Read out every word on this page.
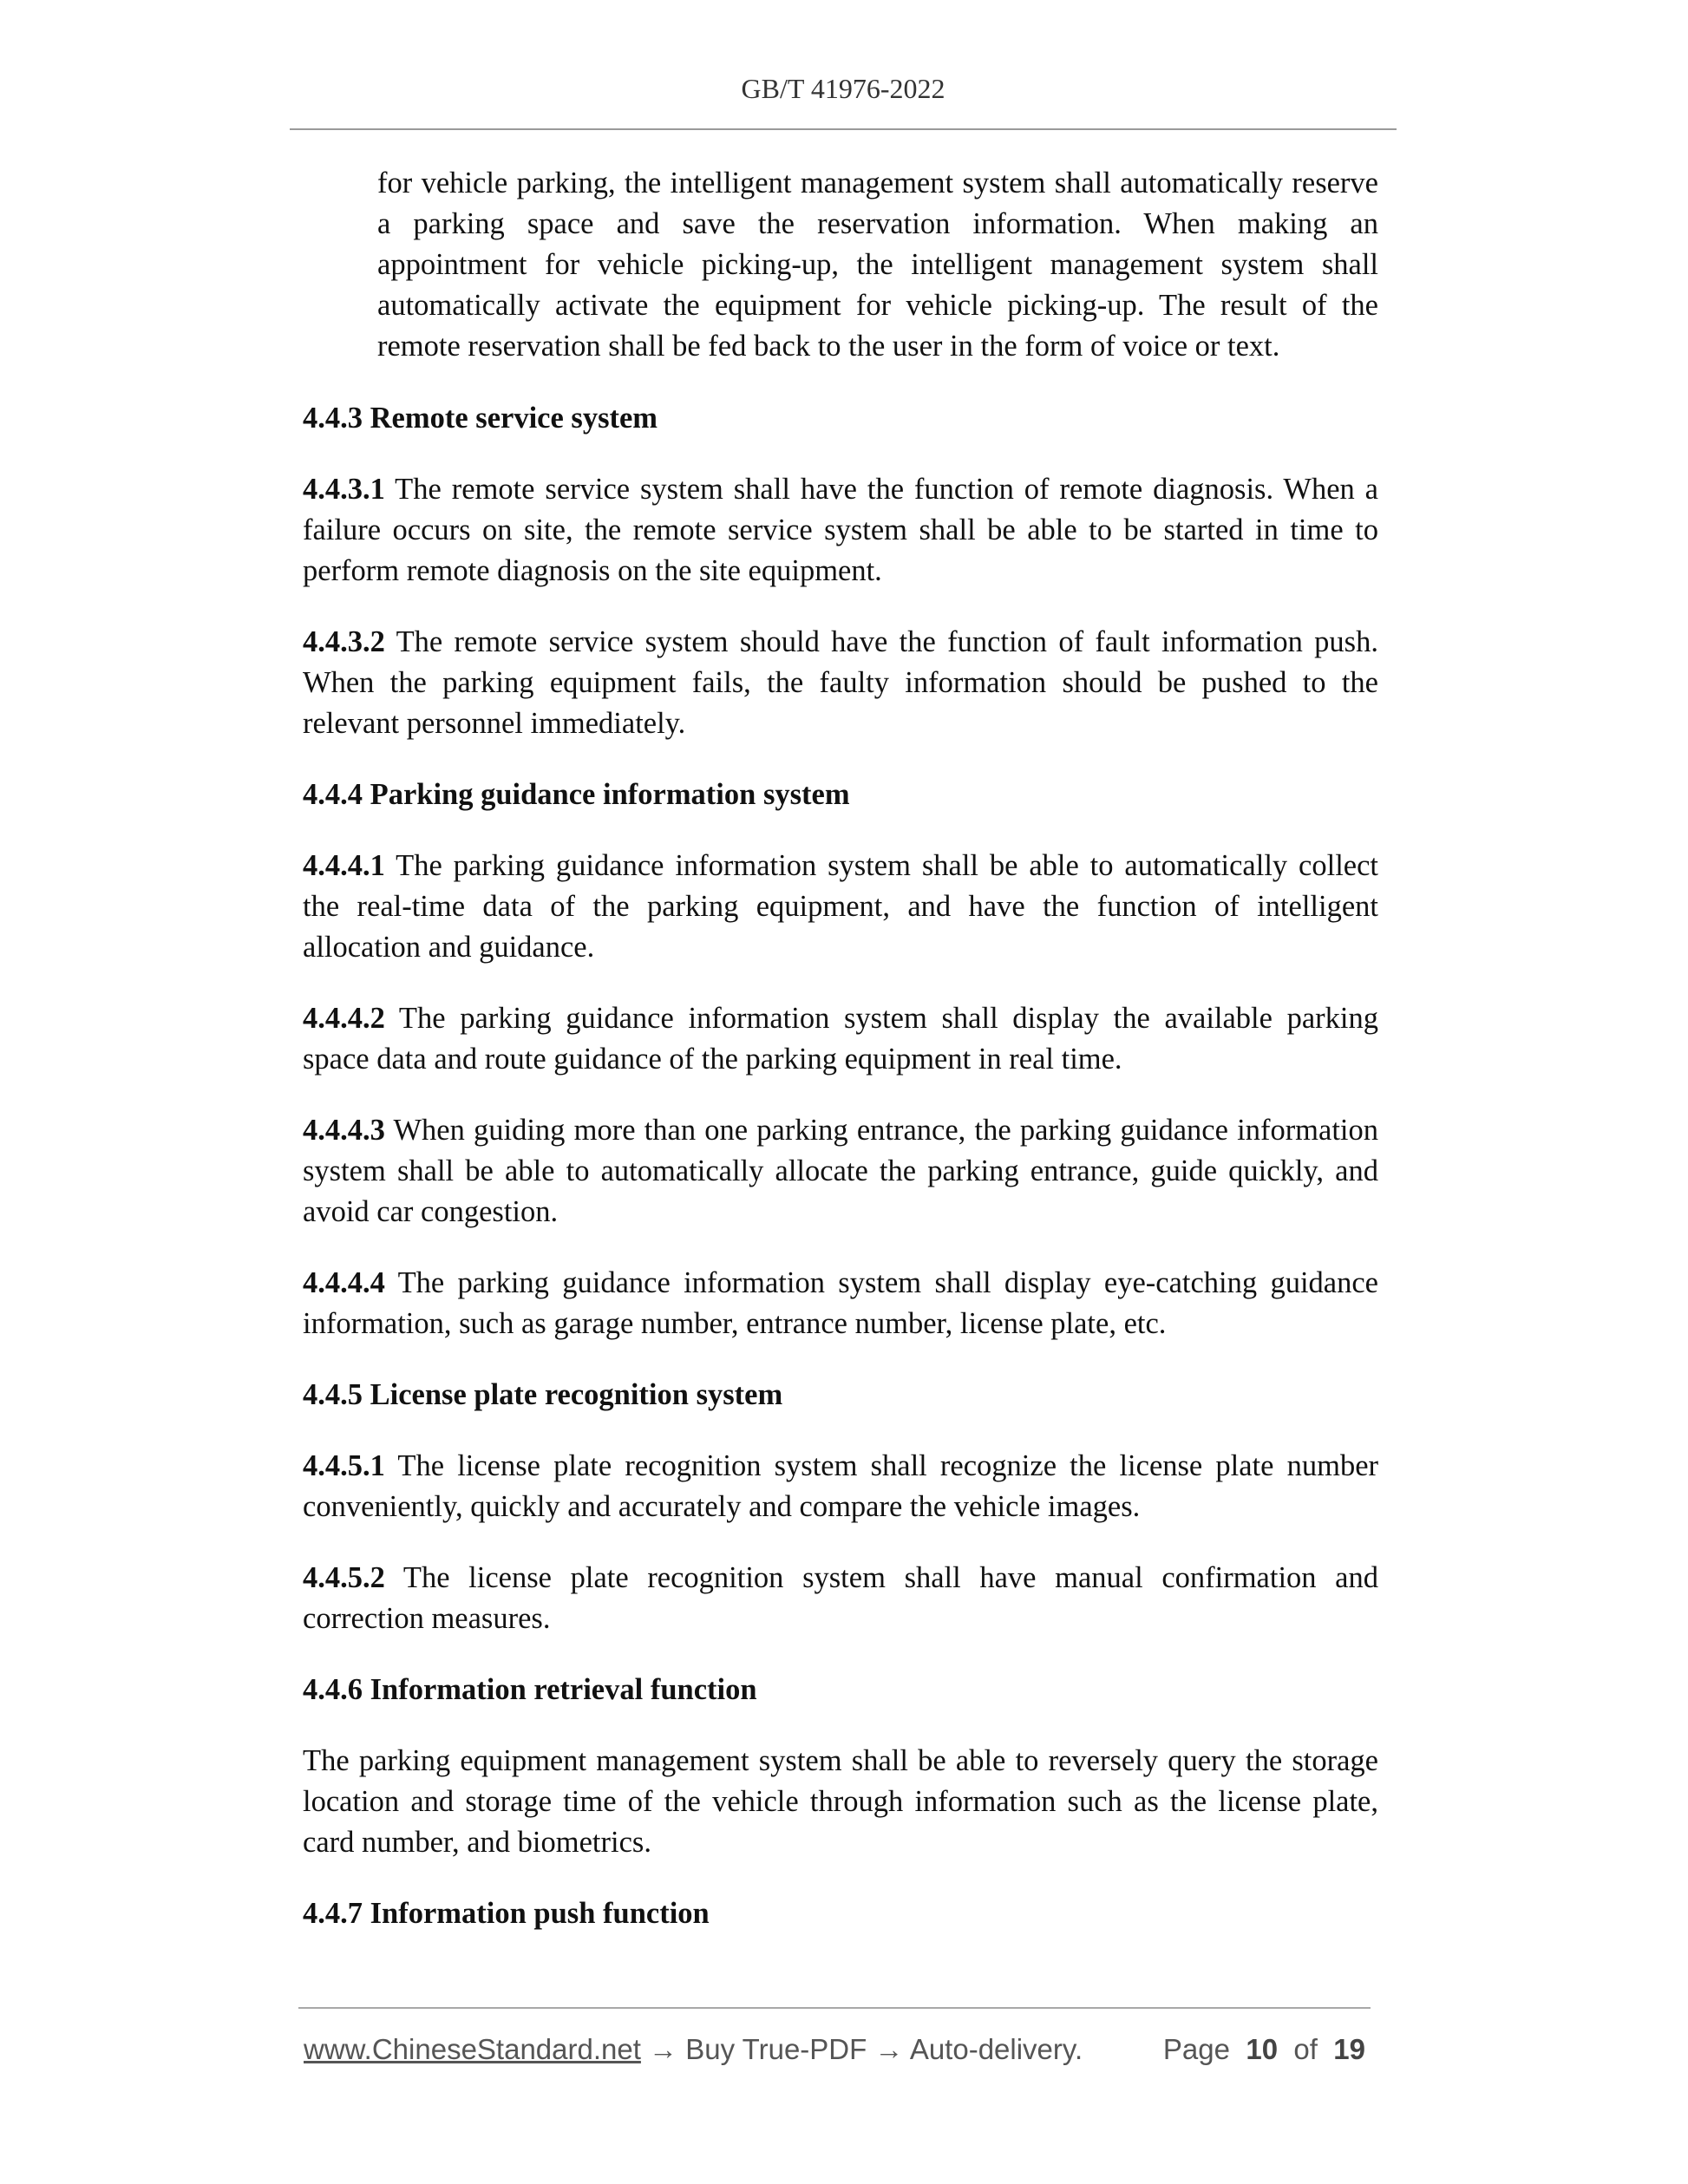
GB/T 41976-2022

for vehicle parking, the intelligent management system shall automatically reserve a parking space and save the reservation information. When making an appointment for vehicle picking-up, the intelligent management system shall automatically activate the equipment for vehicle picking-up. The result of the remote reservation shall be fed back to the user in the form of voice or text.

4.4.3 Remote service system

4.4.3.1 The remote service system shall have the function of remote diagnosis. When a failure occurs on site, the remote service system shall be able to be started in time to perform remote diagnosis on the site equipment.

4.4.3.2 The remote service system should have the function of fault information push. When the parking equipment fails, the faulty information should be pushed to the relevant personnel immediately.

4.4.4 Parking guidance information system

4.4.4.1 The parking guidance information system shall be able to automatically collect the real-time data of the parking equipment, and have the function of intelligent allocation and guidance.

4.4.4.2 The parking guidance information system shall display the available parking space data and route guidance of the parking equipment in real time.

4.4.4.3 When guiding more than one parking entrance, the parking guidance information system shall be able to automatically allocate the parking entrance, guide quickly, and avoid car congestion.

4.4.4.4 The parking guidance information system shall display eye-catching guidance information, such as garage number, entrance number, license plate, etc.

4.4.5 License plate recognition system

4.4.5.1 The license plate recognition system shall recognize the license plate number conveniently, quickly and accurately and compare the vehicle images.

4.4.5.2 The license plate recognition system shall have manual confirmation and correction measures.

4.4.6 Information retrieval function

The parking equipment management system shall be able to reversely query the storage location and storage time of the vehicle through information such as the license plate, card number, and biometrics.

4.4.7 Information push function

www.ChineseStandard.net → Buy True-PDF → Auto-delivery.	Page 10 of 19
